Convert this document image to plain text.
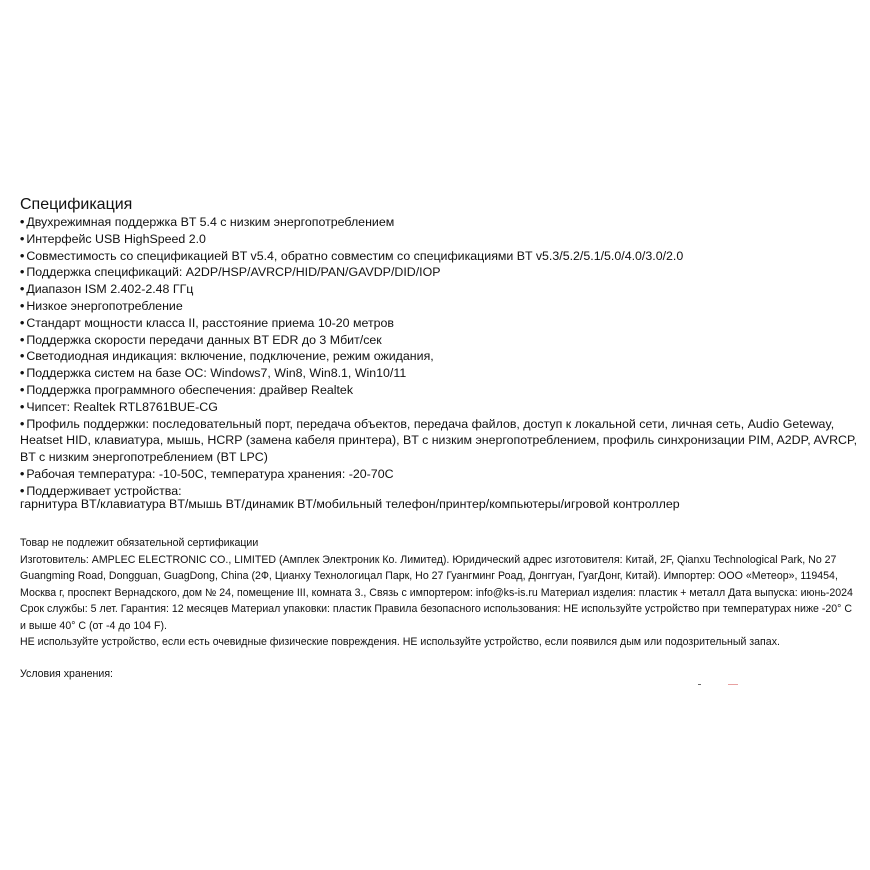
Спецификация
• Двухрежимная поддержка BT 5.4 с низким энергопотреблением
• Интерфейс USB HighSpeed 2.0
• Совместимость со спецификацией BT v5.4, обратно совместим со спецификациями BT v5.3/5.2/5.1/5.0/4.0/3.0/2.0
• Поддержка спецификаций: A2DP/HSP/AVRCP/HID/PAN/GAVDP/DID/IOP
• Диапазон ISM 2.402-2.48 ГГц
• Низкое энергопотребление
• Стандарт мощности класса II, расстояние приема 10-20 метров
• Поддержка скорости передачи данных BT EDR до 3 Мбит/сек
• Светодиодная индикация: включение, подключение, режим ожидания,
• Поддержка систем на базе ОС: Windows7, Win8, Win8.1, Win10/11
• Поддержка программного обеспечения: драйвер Realtek
• Чипсет: Realtek RTL8761BUE-CG
• Профиль поддержки: последовательный порт, передача объектов, передача файлов, доступ к локальной сети, личная сеть, Audio Geteway, Heatset HID, клавиатура, мышь, HCRP (замена кабеля принтера), BT с низким энергопотреблением, профиль синхронизации PIM, A2DP, AVRCP, BT с низким энергопотреблением (BT LPC)
• Рабочая температура: -10-50С, температура хранения: -20-70С
• Поддерживает устройства:
гарнитура BT/клавиатура BT/мышь BT/динамик BT/мобильный телефон/принтер/компьютеры/игровой контроллер

Товар не подлежит обязательной сертификации

Изготовитель: AMPLEC ELECTRONIC CO., LIMITED (Амплек Электроник Ко. Лимитед). Юридический адрес изготовителя: Китай, 2F, Qianxu Technological Park, No 27 Guangming Road, Dongguan, GuagDong, China (2Ф, Цианху Технологицал Парк, Но 27 Гуангминг Роад, Донггуан, ГуагДонг, Китай). Импортер: ООО «Метеор», 119454, Москва г, проспект Вернадского, дом № 24, помещение III, комната 3., Связь с импортером: info@ks-is.ru Материал изделия: пластик + металл Дата выпуска: июнь-2024

Срок службы: 5 лет. Гарантия: 12 месяцев Материал упаковки: пластик Правила безопасного использования: НЕ используйте устройство при температурах ниже -20° С и выше 40° С (от -4 до 104 F).

НЕ используйте устройство, если есть очевидные физические повреждения. НЕ используйте устройство, если появился дым или подозрительный запах.

Условия хранения:
